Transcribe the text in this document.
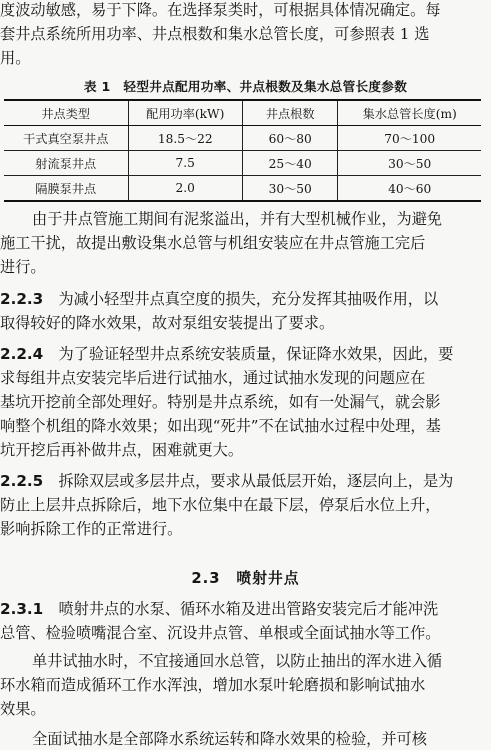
度波动敏感，易于下降。在选择泵类时，可根据具体情况确定。每
套井点系统所用功率、井点根数和集水总管长度，可参照表 1 选
用。
表 1　轻型井点配用功率、井点根数及集水总管长度参数
井点类型	配用功率(kW)	井点根数	集水总管长度(m)
干式真空泵井点	18.5～22	60～80	70～100
射流泵井点	7.5	25～40	30～50
隔膜泵井点	2.0	30～50	40～60
由于井点管施工期间有泥浆溢出，并有大型机械作业，为避免
施工干扰，故提出敷设集水总管与机组安装应在井点管施工完后
进行。
2.2.3　 为减小轻型井点真空度的损失，充分发挥其抽吸作用，以
取得较好的降水效果，故对泵组安装提出了要求。
2.2.4　 为了验证轻型井点系统安装质量，保证降水效果，因此，要
求每组井点安装完毕后进行试抽水，通过试抽水发现的问题应在
基坑开挖前全部处理好。特别是井点系统，如有一处漏气，就会影
响整个机组的降水效果；如出现“死井”不在试抽水过程中处理，基
坑开挖后再补做井点，困难就更大。
2.2.5　 拆除双层或多层井点，要求从最低层开始，逐层向上，是为
防止上层井点拆除后，地下水位集中在最下层，停泵后水位上升，
影响拆除工作的正常进行。
2.3　喷射井点
2.3.1　 喷射井点的水泵、循环水箱及进出管路安装完后才能冲洗
总管、检验喷嘴混合室、沉设井点管、单根或全面试抽水等工作。
单井试抽水时，不宜接通回水总管，以防止抽出的浑水进入循
环水箱而造成循环工作水浑浊，增加水泵叶轮磨损和影响试抽水
效果。
全面试抽水是全部降水系统运转和降水效果的检验，并可核
